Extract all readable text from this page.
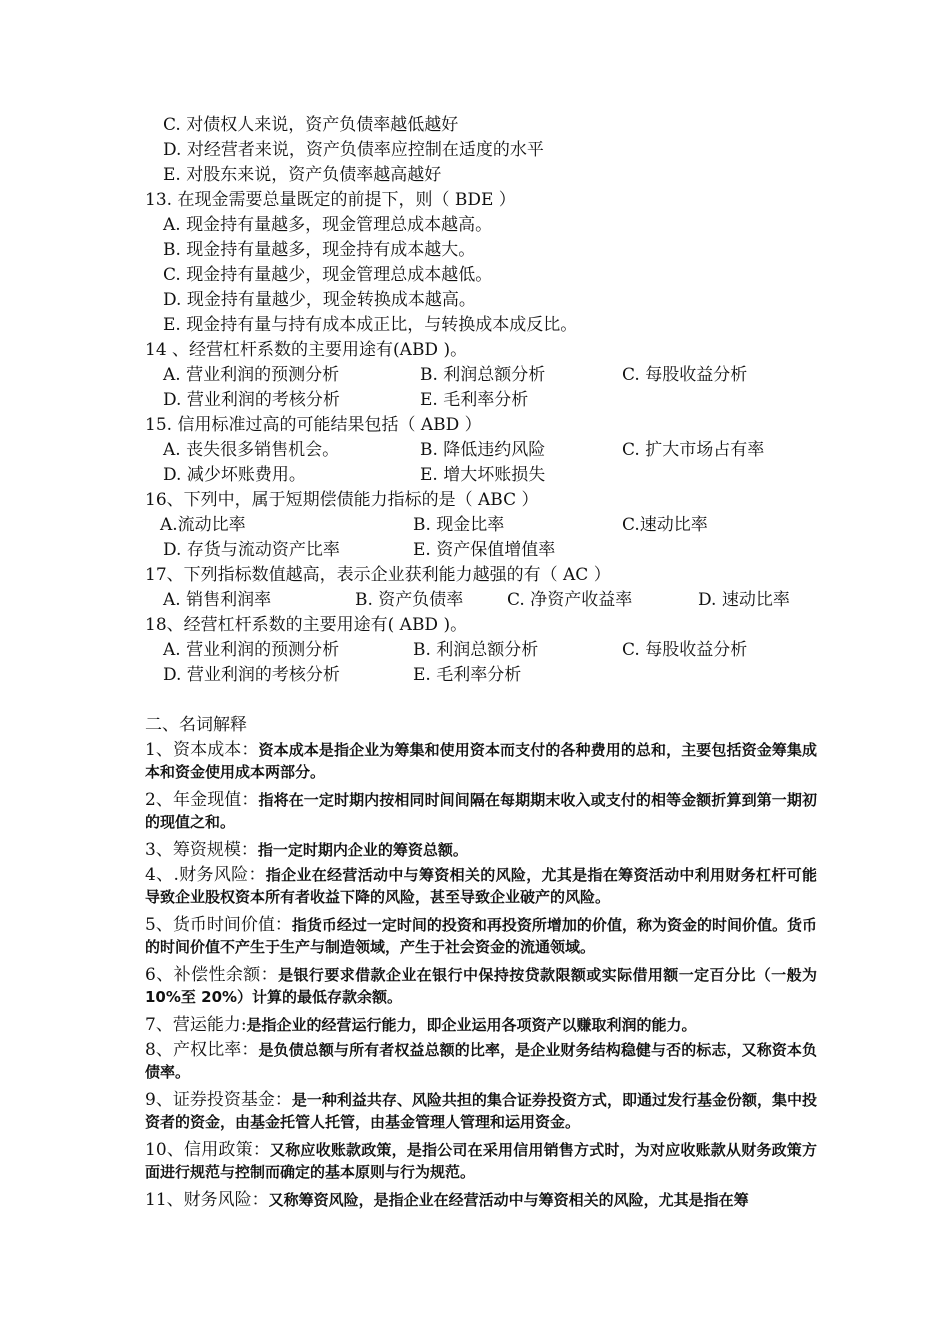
C. 对债权人来说，资产负债率越低越好
D. 对经营者来说，资产负债率应控制在适度的水平
E. 对股东来说，资产负债率越高越好
13. 在现金需要总量既定的前提下，则（ BDE ）
A. 现金持有量越多，现金管理总成本越高。
B. 现金持有量越多，现金持有成本越大。
C. 现金持有量越少，现金管理总成本越低。
D. 现金持有量越少，现金转换成本越高。
E. 现金持有量与持有成本成正比，与转换成本成反比。
14 、经营杠杆系数的主要用途有(ABD )。
A. 营业利润的预测分析	B. 利润总额分析	C. 每股收益分析
D. 营业利润的考核分析	E. 毛利率分析
15. 信用标准过高的可能结果包括（ ABD ）
A. 丧失很多销售机会。	B. 降低违约风险	C. 扩大市场占有率
D. 减少坏账费用。	E. 增大坏账损失
16、下列中，属于短期偿债能力指标的是（ ABC ）
A.流动比率	B. 现金比率	C.速动比率
D. 存货与流动资产比率	E. 资产保值增值率
17、下列指标数值越高，表示企业获利能力越强的有（ AC ）
A. 销售利润率	B. 资产负债率	C. 净资产收益率	D. 速动比率
18、经营杠杆系数的主要用途有( ABD )。
A. 营业利润的预测分析	B. 利润总额分析	C. 每股收益分析
D. 营业利润的考核分析	E. 毛利率分析
二、名词解释
1、资本成本：资本成本是指企业为筹集和使用资本而支付的各种费用的总和，主要包括资金筹集成本和资金使用成本两部分。
2、年金现值：指将在一定时期内按相同时间间隔在每期期末收入或支付的相等金额折算到第一期初的现值之和。
3、筹资规模：指一定时期内企业的筹资总额。
4、.财务风险：指企业在经营活动中与筹资相关的风险，尤其是指在筹资活动中利用财务杠杆可能导致企业股权资本所有者收益下降的风险，甚至导致企业破产的风险。
5、货币时间价值：指货币经过一定时间的投资和再投资所增加的价值，称为资金的时间价值。货币的时间价值不产生于生产与制造领域，产生于社会资金的流通领域。
6、补偿性余额：是银行要求借款企业在银行中保持按贷款限额或实际借用额一定百分比（一般为 10%至 20%）计算的最低存款余额。
7、营运能力:是指企业的经营运行能力，即企业运用各项资产以赚取利润的能力。
8、产权比率：是负债总额与所有者权益总额的比率，是企业财务结构稳健与否的标志，又称资本负债率。
9、证券投资基金：是一种利益共存、风险共担的集合证券投资方式，即通过发行基金份额，集中投资者的资金，由基金托管人托管，由基金管理人管理和运用资金。
10、信用政策：又称应收账款政策，是指公司在采用信用销售方式时，为对应收账款从财务政策方面进行规范与控制而确定的基本原则与行为规范。
11、财务风险：又称筹资风险，是指企业在经营活动中与筹资相关的风险，尤其是指在筹
